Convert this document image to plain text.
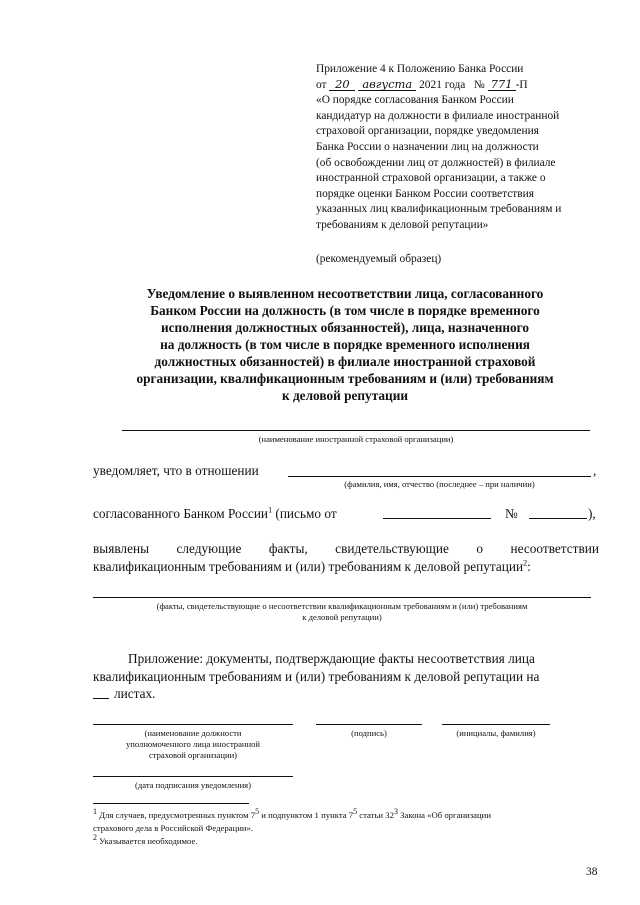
Приложение 4 к Положению Банка России
от 20 августа 2021 года № 771 -П
«О порядке согласования Банком России
кандидатур на должности в филиале иностранной
страховой организации, порядке уведомления
Банка России о назначении лиц на должности
(об освобождении лиц от должностей) в филиале
иностранной страховой организации, а также о
порядке оценки Банком России соответствия
указанных лиц квалификационным требованиям и
требованиям к деловой репутации»
(рекомендуемый образец)
Уведомление о выявленном несоответствии лица, согласованного
Банком России на должность (в том числе в порядке временного
исполнения должностных обязанностей), лица, назначенного
на должность (в том числе в порядке временного исполнения
должностных обязанностей) в филиале иностранной страховой
организации, квалификационным требованиям и (или) требованиям
к деловой репутации
(наименование иностранной страховой организации)
уведомляет, что в отношении	,
(фамилия, имя, отчество (последнее – при наличии)
согласованного Банком России$^1$ (письмо от	№	),
выявлены следующие факты, свидетельствующие о несоответствии
квалификационным требованиям и (или) требованиям к деловой репутации$^2$:
(факты, свидетельствующие о несоответствии квалификационным требованиям и (или) требованиям
к деловой репутации)
Приложение: документы, подтверждающие факты несоответствия лица
квалификационным требованиям и (или) требованиям к деловой репутации на
листах.
(наименование должности
уполномоченного лица иностранной
страховой организации)
(подпись)	(инициалы, фамилия)
(дата подписания уведомления)
$^1$ Для случаев, предусмотренных пунктом $7^5$ и подпунктом 1 пункта $7^5$ статьи $32^3$ Закона «Об организации
страхового дела в Российской Федерации».
$^2$ Указывается необходимое.
38
